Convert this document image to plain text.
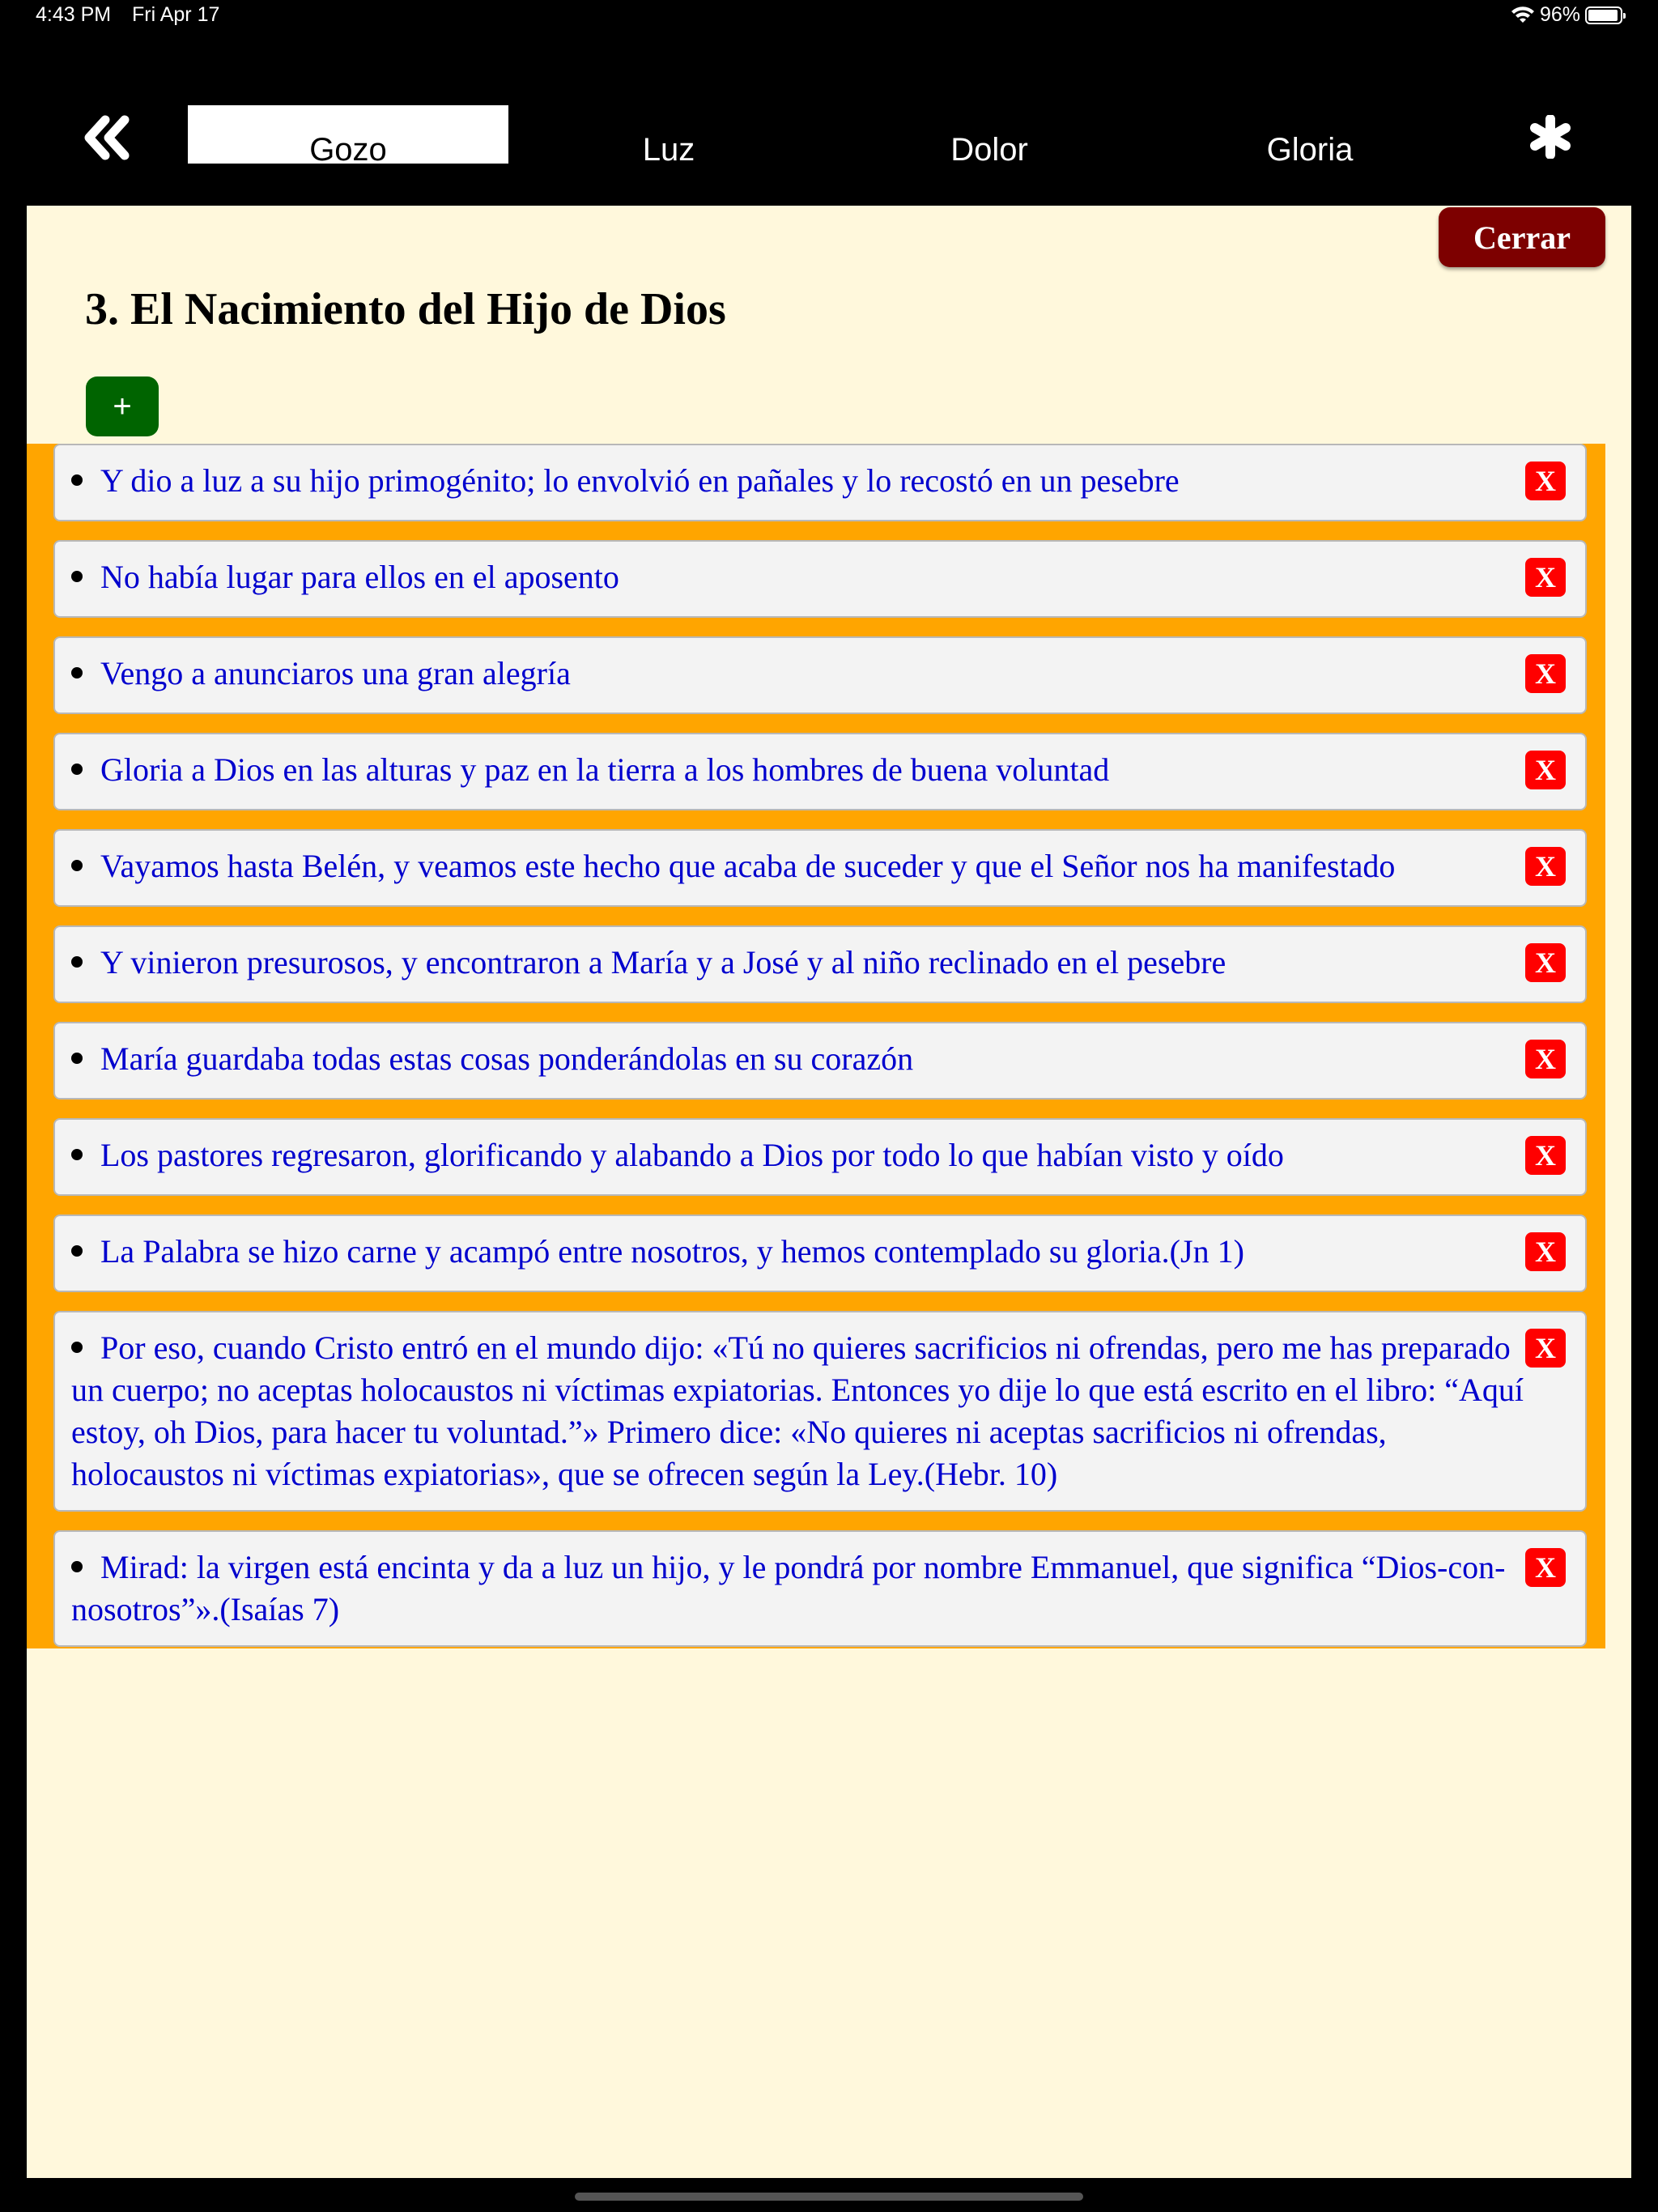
4:43 PM Fri Apr 17	96%
Gozo	Luz	Dolor	Gloria
Cerrar
3. El Nacimiento del Hijo de Dios
+
Y dio a luz a su hijo primogénito; lo envolvió en pañales y lo recostó en un pesebre	X
No había lugar para ellos en el aposento	X
Vengo a anunciaros una gran alegría	X
Gloria a Dios en las alturas y paz en la tierra a los hombres de buena voluntad	X
Vayamos hasta Belén, y veamos este hecho que acaba de suceder y que el Señor nos ha manifestado	X
Y vinieron presurosos, y encontraron a María y a José y al niño reclinado en el pesebre	X
María guardaba todas estas cosas ponderándolas en su corazón	X
Los pastores regresaron, glorificando y alabando a Dios por todo lo que habían visto y oído	X
La Palabra se hizo carne y acampó entre nosotros, y hemos contemplado su gloria.(Jn 1)	X
Por eso, cuando Cristo entró en el mundo dijo: «Tú no quieres sacrificios ni ofrendas, pero me has preparado un cuerpo; no aceptas holocaustos ni víctimas expiatorias. Entonces yo dije lo que está escrito en el libro: “Aquí estoy, oh Dios, para hacer tu voluntad.”» Primero dice: «No quieres ni aceptas sacrificios ni ofrendas, holocaustos ni víctimas expiatorias», que se ofrecen según la Ley.(Hebr. 10)
X
Mirad: la virgen está encinta y da a luz un hijo, y le pondrá por nombre Emmanuel, que significa “Dios-con-nosotros”».(Isaías 7)
X
